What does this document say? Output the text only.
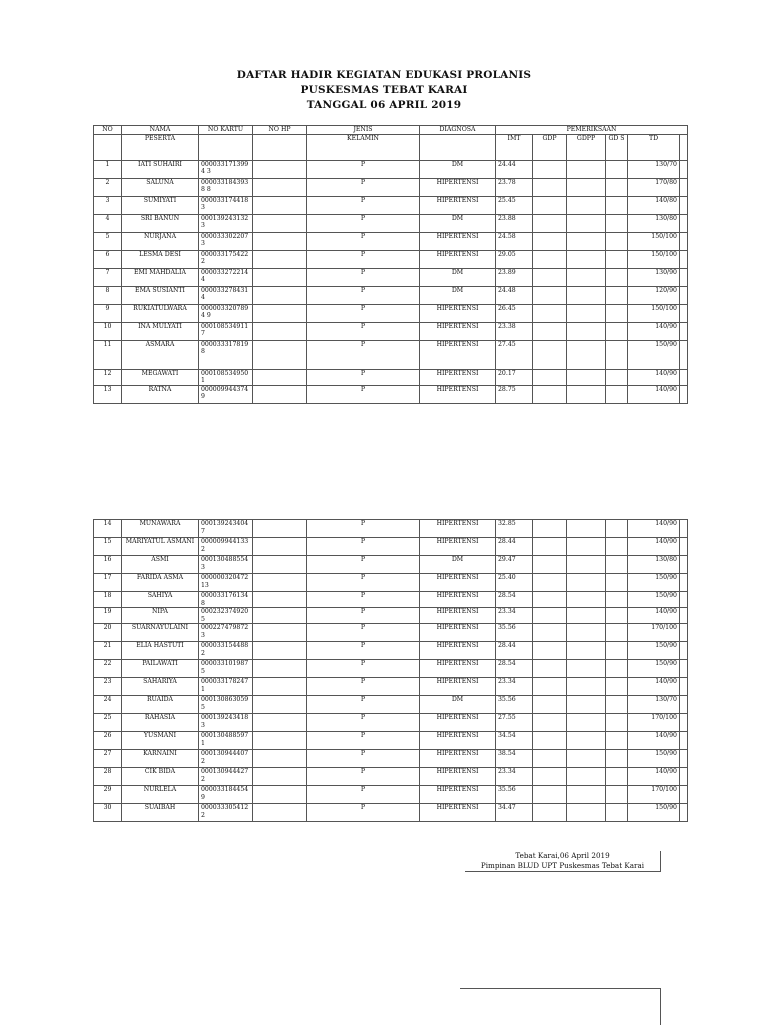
DAFTAR HADIR KEGIATAN EDUKASI PROLANIS
PUSKESMAS TEBAT KARAI
TANGGAL 06 APRIL 2019
NO	NAMA	NO KARTU	NO HP	JENIS	DIAGNOSA	PEMERIKSAAN					
	PESERTA			KELAMIN		IMT	GDP	GDPP	GD S	TD	
1	IATI SUHAIRI	0000331713994 3		P	DM	24.44				130/70	
2	SALUNA	0000331843938 8		P	HIPERTENSI	23.78				170/80	
3	SUMIYATI	0000331744183		P	HIPERTENSI	25.45				140/80	
4	SRI BANUN	0001392431323		P	DM	23.88				130/80	
5	NURJANA	0000333022073		P	HIPERTENSI	24.58				150/100	
6	LESMA DESI	0000331754222		P	HIPERTENSI	29.05				150/100	
7	EMI MAHDALIA	0000332722144		P	DM	23.89				130/90	
8	EMA SUSIANTI	0000332784314		P	DM	24.48				120/90	
9	RUKIATULWARA	0000033207894 9		P	HIPERTENSI	26.45				150/100	
10	INA MULYATI	0001085349117		P	HIPERTENSI	23.38				140/90	
11	ASMARA	0000333178198		P	HIPERTENSI	27.45				150/90	
12	MEGAWATI	0001085349501		P	HIPERTENSI	20.17				140/90	
13	RATNA	0000099443749		P	HIPERTENSI	28.75				140/90	
14	MUNAWARA	0001392434047		P	HIPERTENSI	32.85				140/90	
15	MARIYATUL ASMANI	0000099441332		P	HIPERTENSI	28.44				140/90	
16	ASMI	0001304885543		P	DM	29.47				130/80	
17	FARIDA ASMA	000000320472 13		P	HIPERTENSI	25.40				150/90	
18	SAHIYA	0000331761348		P	HIPERTENSI	28.54				150/90	
19	NIPA	0002323749205		P	HIPERTENSI	23.34				140/90	
20	SUARNAYULAINI	0002274798723		P	HIPERTENSI	35.56				170/100	
21	ELIA HASTUTI	0000331544882		P	HIPERTENSI	28.44				150/90	
22	PAILAWATI	0000331019875		P	HIPERTENSI	28.54				150/90	
23	SAHARIYA	0000331782471		P	HIPERTENSI	23.34				140/90	
24	RUAIDA	0001308630595		P	DM	35.56				130/70	
25	RAHASIA	0001392434183		P	HIPERTENSI	27.55				170/100	
26	YUSMANI	0001304885971		P	HIPERTENSI	34.54				140/90	
27	KARNAINI	0001309444072		P	HIPERTENSI	38.54				150/90	
28	CIK BIDA	0001309444272		P	HIPERTENSI	23.34				140/90	
29	NURLELA	0000331844549		P	HIPERTENSI	35.56				170/100	
30	SUAIBAH	0000333054122		P	HIPERTENSI	34.47				150/90	
Tebat Karai,06 April 2019
Pimpinan BLUD UPT Puskesmas Tebat Karai
